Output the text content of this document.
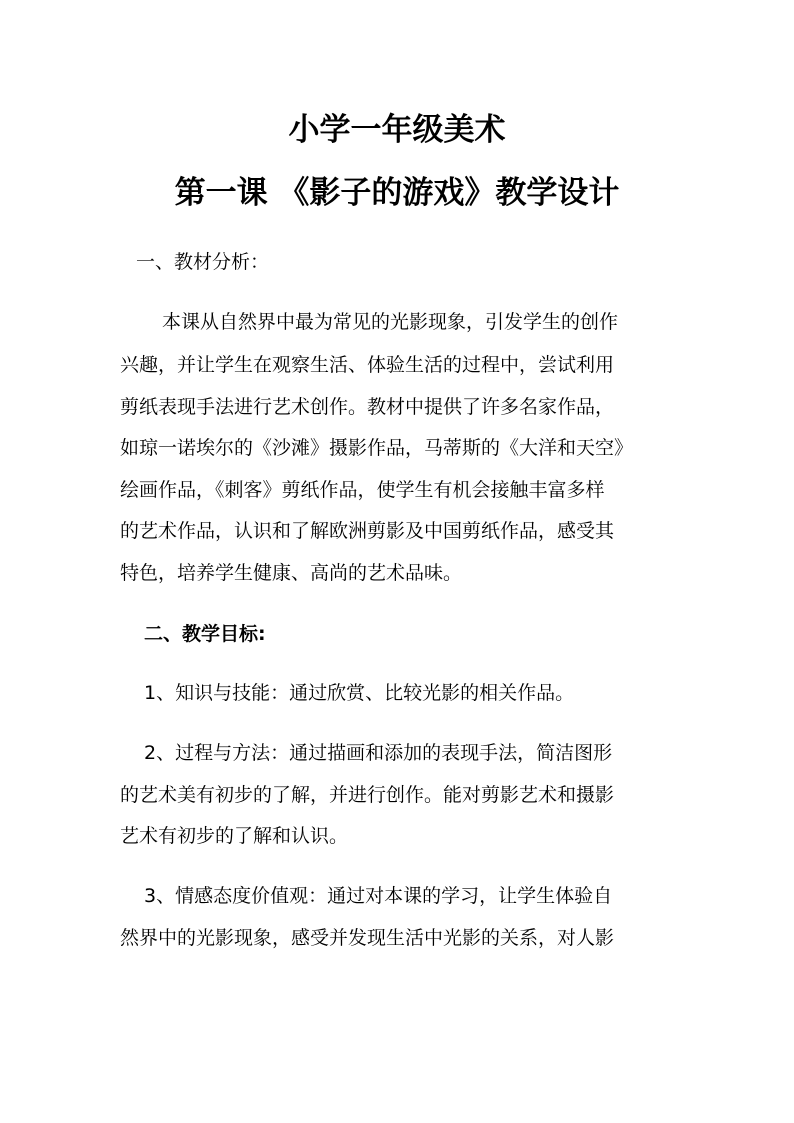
小学一年级美术
第一课 《影子的游戏》教学设计
一、教材分析：
本课从自然界中最为常见的光影现象，引发学生的创作
兴趣，并让学生在观察生活、体验生活的过程中，尝试利用
剪纸表现手法进行艺术创作。教材中提供了许多名家作品，
如琼一诺埃尔的《沙滩》摄影作品，马蒂斯的《大洋和天空》
绘画作品，《刺客》剪纸作品，使学生有机会接触丰富多样
的艺术作品，认识和了解欧洲剪影及中国剪纸作品，感受其
特色，培养学生健康、高尚的艺术品味。
二、教学目标:
1、知识与技能：通过欣赏、比较光影的相关作品。
2、过程与方法：通过描画和添加的表现手法，简洁图形
的艺术美有初步的了解，并进行创作。能对剪影艺术和摄影
艺术有初步的了解和认识。
3、情感态度价值观：通过对本课的学习，让学生体验自
然界中的光影现象，感受并发现生活中光影的关系，对人影
